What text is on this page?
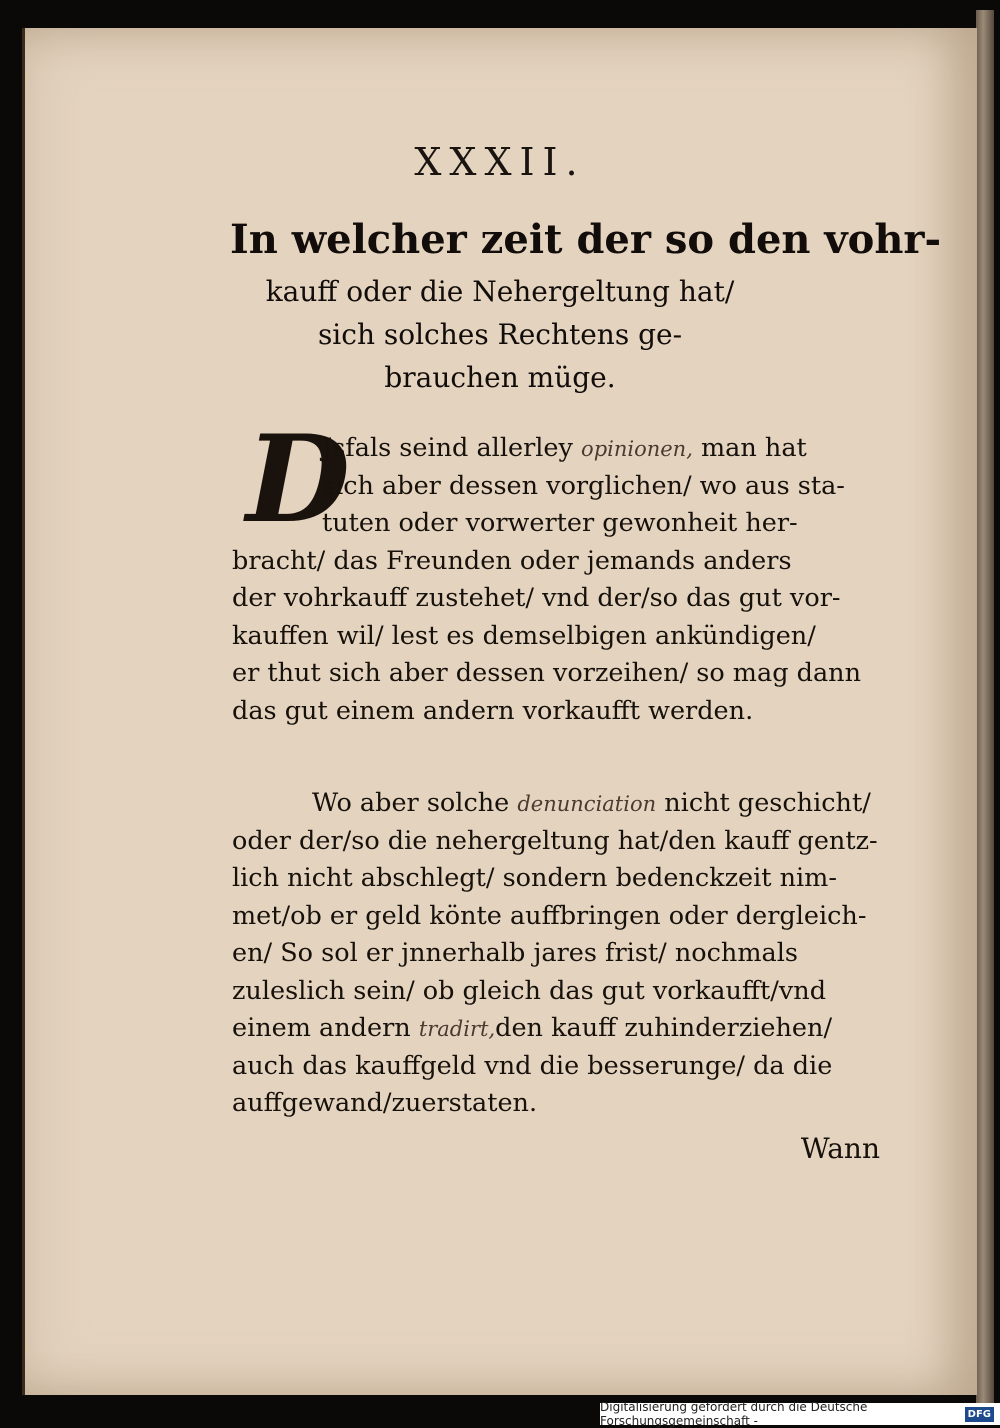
XXXII.
In welcher zeit der so den vohr-
kauff oder die Nehergeltung hat/
sich solches Rechtens ge-
brauchen müge.
D
Jsfals seind allerley opinionen, man hat
sich aber dessen vorglichen/ wo aus sta-
tuten oder vorwerter gewonheit her-
bracht/ das Freunden oder jemands anders
der vohrkauff zustehet/ vnd der/so das gut vor-
kauffen wil/ lest es demselbigen ankündigen/
er thut sich aber dessen vorzeihen/ so mag dann
das gut einem andern vorkaufft werden.
Wo aber solche denunciation nicht geschicht/
oder der/so die nehergeltung hat/den kauff gentz-
lich nicht abschlegt/ sondern bedenckzeit nim-
met/ob er geld könte auffbringen oder dergleich-
en/ So sol er jnnerhalb jares frist/ nochmals
zuleslich sein/ ob gleich das gut vorkaufft/vnd
einem andern tradirt,den kauff zuhinderziehen/
auch das kauffgeld vnd die besserunge/ da die
auffgewand/zuerstaten.
Wann
Digitalisierung gefördert durch die Deutsche Forschungsgemeinschaft -	DFG
